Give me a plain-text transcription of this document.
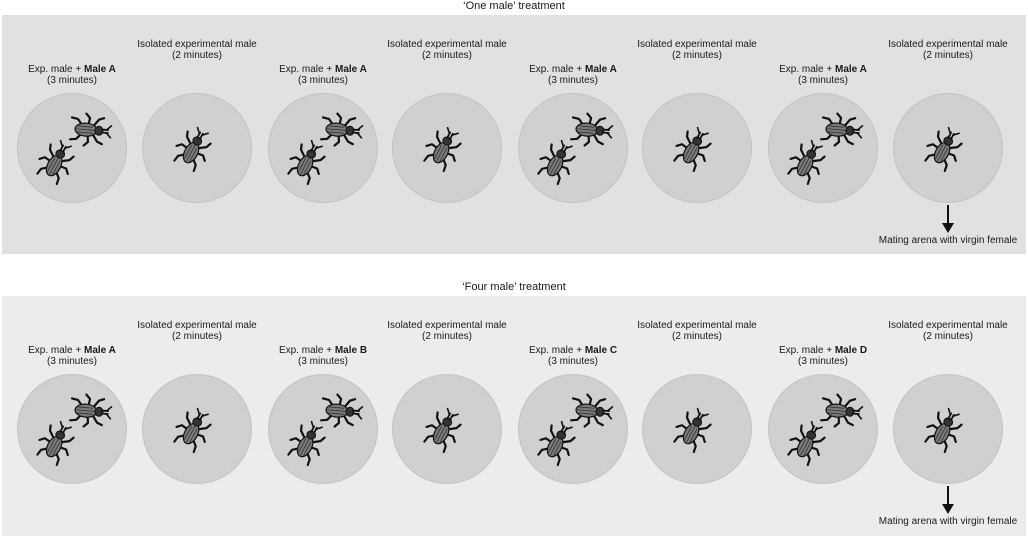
‘One male’ treatment
Exp. male + Male A
(3 minutes)
Isolated experimental male
(2 minutes)
Exp. male + Male A
(3 minutes)
Isolated experimental male
(2 minutes)
Exp. male + Male A
(3 minutes)
Isolated experimental male
(2 minutes)
Exp. male + Male A
(3 minutes)
Isolated experimental male
(2 minutes)
Mating arena with virgin female
‘Four male’ treatment
Exp. male + Male A
(3 minutes)
Isolated experimental male
(2 minutes)
Exp. male + Male B
(3 minutes)
Isolated experimental male
(2 minutes)
Exp. male + Male C
(3 minutes)
Isolated experimental male
(2 minutes)
Exp. male + Male D
(3 minutes)
Isolated experimental male
(2 minutes)
Mating arena with virgin female
